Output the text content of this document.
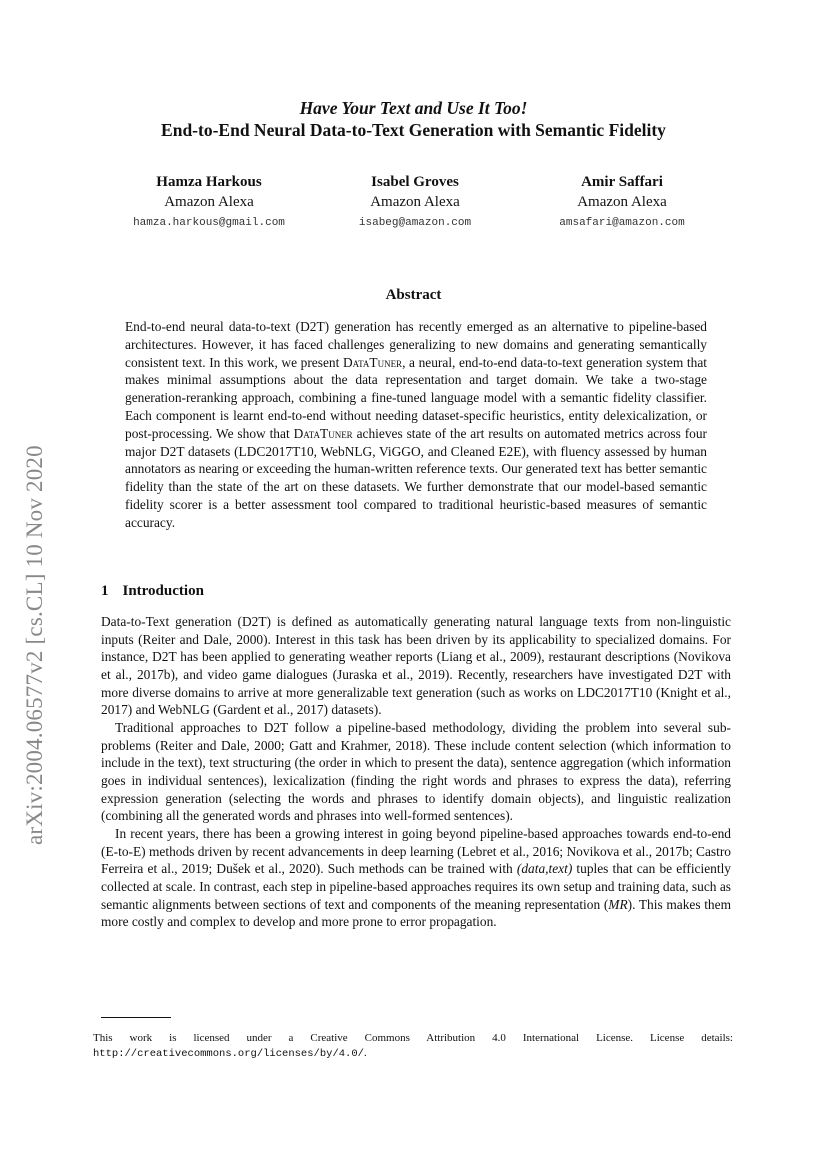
arXiv:2004.06577v2 [cs.CL] 10 Nov 2020
Have Your Text and Use It Too!
End-to-End Neural Data-to-Text Generation with Semantic Fidelity
Hamza Harkous
Amazon Alexa
hamza.harkous@gmail.com
Isabel Groves
Amazon Alexa
isabeg@amazon.com
Amir Saffari
Amazon Alexa
amsafari@amazon.com
Abstract
End-to-end neural data-to-text (D2T) generation has recently emerged as an alternative to pipeline-based architectures. However, it has faced challenges generalizing to new domains and generating semantically consistent text. In this work, we present DataTuner, a neural, end-to-end data-to-text generation system that makes minimal assumptions about the data representation and target domain. We take a two-stage generation-reranking approach, combining a fine-tuned language model with a semantic fidelity classifier. Each component is learnt end-to-end without needing dataset-specific heuristics, entity delexicalization, or post-processing. We show that DataTuner achieves state of the art results on automated metrics across four major D2T datasets (LDC2017T10, WebNLG, ViGGO, and Cleaned E2E), with fluency assessed by human annotators as nearing or exceeding the human-written reference texts. Our generated text has better semantic fidelity than the state of the art on these datasets. We further demonstrate that our model-based semantic fidelity scorer is a better assessment tool compared to traditional heuristic-based measures of semantic accuracy.
1 Introduction

Data-to-Text generation (D2T) is defined as automatically generating natural language texts from non-linguistic inputs (Reiter and Dale, 2000). Interest in this task has been driven by its applicability to specialized domains. For instance, D2T has been applied to generating weather reports (Liang et al., 2009), restaurant descriptions (Novikova et al., 2017b), and video game dialogues (Juraska et al., 2019). Recently, researchers have investigated D2T with more diverse domains to arrive at more generalizable text generation (such as works on LDC2017T10 (Knight et al., 2017) and WebNLG (Gardent et al., 2017) datasets).

Traditional approaches to D2T follow a pipeline-based methodology, dividing the problem into several sub-problems (Reiter and Dale, 2000; Gatt and Krahmer, 2018). These include content selection (which information to include in the text), text structuring (the order in which to present the data), sentence aggregation (which information goes in individual sentences), lexicalization (finding the right words and phrases to express the data), referring expression generation (selecting the words and phrases to identify domain objects), and linguistic realization (combining all the generated words and phrases into well-formed sentences).

In recent years, there has been a growing interest in going beyond pipeline-based approaches towards end-to-end (E-to-E) methods driven by recent advancements in deep learning (Lebret et al., 2016; Novikova et al., 2017b; Castro Ferreira et al., 2019; Dušek et al., 2020). Such methods can be trained with (data,text) tuples that can be efficiently collected at scale. In contrast, each step in pipeline-based approaches requires its own setup and training data, such as semantic alignments between sections of text and components of the meaning representation (MR). This makes them more costly and complex to develop and more prone to error propagation.

This work is licensed under a Creative Commons Attribution 4.0 International License. License details: http://creativecommons.org/licenses/by/4.0/.
